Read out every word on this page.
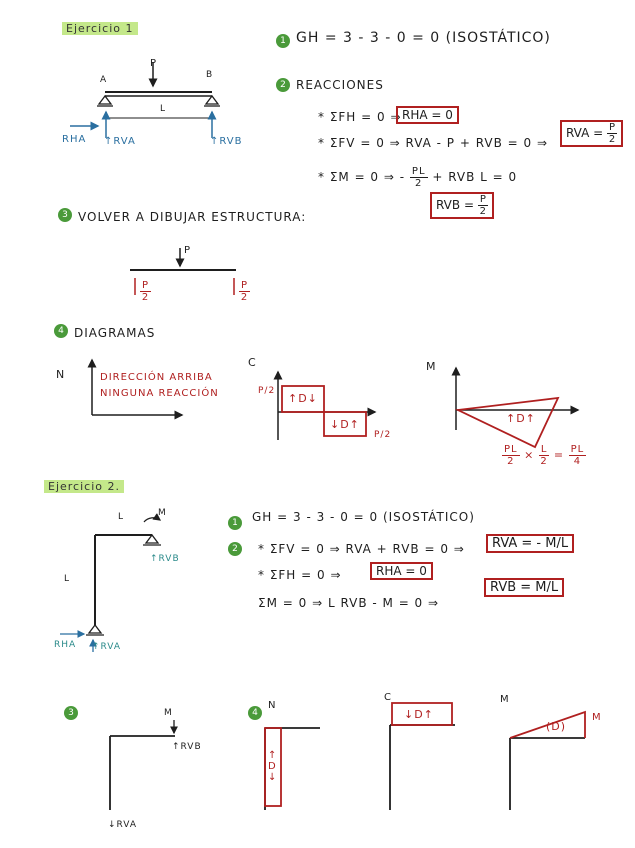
Ejercicio 1
1 GH = 3 - 3 - 0 = 0 (ISOSTÁTICO)
P
A	B
L
RHA ↑RVA	↑RVB
2 REACCIONES
* ΣFH = 0 ⇒ RHA = 0
* ΣFV = 0 ⇒ RVA - P + RVB = 0 ⇒
RVA = $\frac{P}{2}$
* ΣM = 0 ⇒ - $\frac{PL}{2}$ + RVB L = 0
RVB = $\frac{P}{2}$
3 VOLVER A DIBUJAR ESTRUCTURA:
P
$\frac{P}{2}$	$\frac{P}{2}$
4 DIAGRAMAS
N	DIRECCIÓN ARRIBA
NINGUNA REACCIÓN
C
P/2
P/2
↑D↓
↓D↑
M
↑D↑
$\frac{PL}{2} \times \frac{L}{2} = \frac{PL}{4}$
Ejercicio 2.
L
L
M
↑RVB
RHA ↑RVA
1	GH = 3 - 3 - 0 = 0 (ISOSTÁTICO)
2	* ΣFV = 0 ⇒ RVA + RVB = 0 ⇒	RVA = - M/L
* ΣFH = 0 ⇒	RHA = 0
ΣM = 0 ⇒ L RVB - M = 0 ⇒
RVB = M/L
3	M
↑RVB
↓RVA
4
N
↑ D ↓
C
↓D↑
M
(D)
M
